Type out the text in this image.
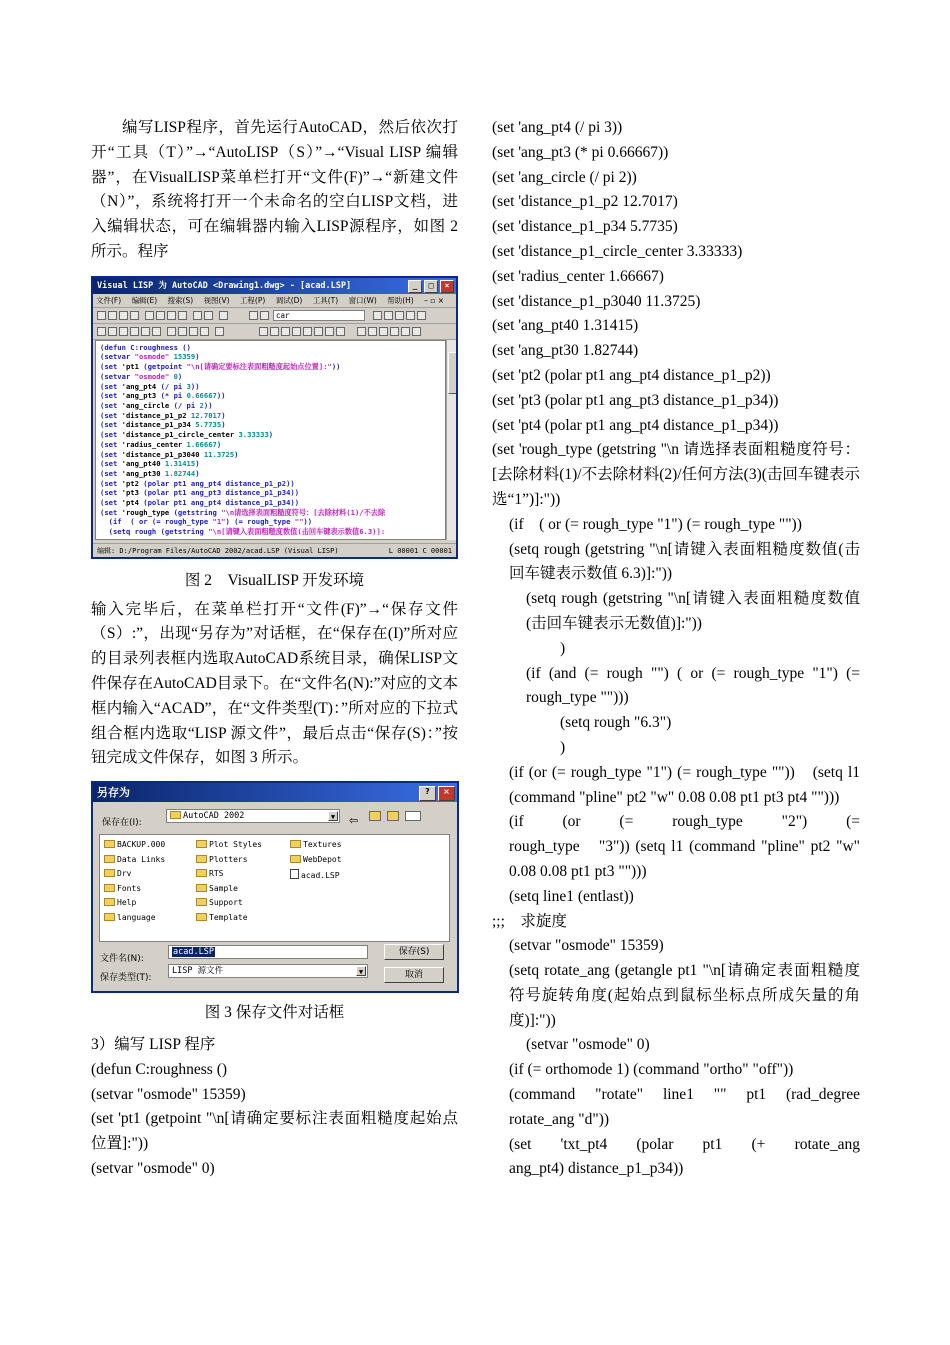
编写LISP程序，首先运行AutoCAD，然后依次打开“工具（T）”→“AutoLISP（S）”→“Visual LISP 编辑器”，在VisualLISP菜单栏打开“文件(F)”→“新建文件（N）”，系统将打开一个未命名的空白LISP文档，进入编辑状态，可在编辑器内输入LISP源程序，如图 2 所示。程序

Visual LISP 为 AutoCAD <Drawing1.dwg> - [acad.LSP]	_	□	×
文件(F) 编辑(E) 搜索(S) 视图(V) 工程(P) 调试(D) 工具(T) 窗口(W) 帮助(H) – ▫ ×
car
(defun C:roughness ()
(setvar "osmode" 15359)
(set 'pt1 (getpoint "\n[请确定要标注表面粗糙度起始点位置]:"))
(setvar "osmode" 0)
(set 'ang_pt4 (/ pi 3))
(set 'ang_pt3 (* pi 0.66667))
(set 'ang_circle (/ pi 2))
(set 'distance_p1_p2 12.7017)
(set 'distance_p1_p34 5.7735)
(set 'distance_p1_circle_center 3.33333)
(set 'radius_center 1.66667)
(set 'distance_p1_p3040 11.3725)
(set 'ang_pt40 1.31415)
(set 'ang_pt30 1.82744)
(set 'pt2 (polar pt1 ang_pt4 distance_p1_p2))
(set 'pt3 (polar pt1 ang_pt3 distance_p1_p34))
(set 'pt4 (polar pt1 ang_pt4 distance_p1_p34))
(set 'rough_type (getstring "\n请选择表面粗糙度符号：[去除材料(1)/不去除
(if  ( or (= rough_type "1") (= rough_type ""))
(setq rough (getstring "\n[请键入表面粗糙度数值(击回车键表示数值6.3)]:
编辑: D:/Program Files/AutoCAD 2002/acad.LSP (Visual LISP)	L 00001 C 00001

图 2　VisualLISP 开发环境

输入完毕后，在菜单栏打开“文件(F)”→“保存文件（S）:”，出现“另存为”对话框，在“保存在(I)”所对应的目录列表框内选取AutoCAD系统目录，确保LISP文件保存在AutoCAD目录下。在“文件名(N):”对应的文本框内输入“ACAD”，在“文件类型(T)：”所对应的下拉式组合框内选取“LISP 源文件”，最后点击“保存(S)：”按钮完成文件保存，如图 3 所示。

另存为	?	×
保存在(I):
AutoCAD 2002	▼ ⇦
BACKUP.000
Data Links
Drv
Fonts
Help
language
Plot Styles
Plotters
RTS
Sample
Support
Template
Textures
WebDepot
acad.LSP
文件名(N):
acad.LSP	保存(S)
保存类型(T):
LISP 源文件	▼	取消

图 3 保存文件对话框

3）编写 LISP 程序

(defun C:roughness ()

(setvar "osmode" 15359)

(set 'pt1 (getpoint "\n[请确定要标注表面粗糙度起始点位置]:"))

(setvar "osmode" 0)

(set 'ang_pt4 (/ pi 3))

(set 'ang_pt3 (* pi 0.66667))

(set 'ang_circle (/ pi 2))

(set 'distance_p1_p2 12.7017)

(set 'distance_p1_p34 5.7735)

(set 'distance_p1_circle_center 3.33333)

(set 'radius_center 1.66667)

(set 'distance_p1_p3040 11.3725)

(set 'ang_pt40 1.31415)

(set 'ang_pt30 1.82744)

(set 'pt2 (polar pt1 ang_pt4 distance_p1_p2))

(set 'pt3 (polar pt1 ang_pt3 distance_p1_p34))

(set 'pt4 (polar pt1 ang_pt4 distance_p1_p34))

(set 'rough_type (getstring "\n 请选择表面粗糙度符号：[去除材料(1)/不去除材料(2)/任何方法(3)(击回车键表示选“1”)]:"))

(if　( or (= rough_type "1") (= rough_type ""))

(setq rough (getstring "\n[请键入表面粗糙度数值(击回车键表示数值 6.3)]:"))

(setq rough (getstring "\n[请键入表面粗糙度数值(击回车键表示无数值)]:"))

)

(if (and (= rough "") ( or (= rough_type "1") (= rough_type "")))

(setq rough "6.3")

)

(if (or (= rough_type "1") (= rough_type ""))　(setq l1 (command "pline" pt2 "w" 0.08 0.08 pt1 pt3 pt4 "")))

(if　(or　(=　rough_type　"2")　(=　rough_type　"3")) (setq l1 (command "pline" pt2 "w" 0.08 0.08 pt1 pt3 "")))

(setq line1 (entlast))

;;;　求旋度

(setvar "osmode" 15359)

(setq rotate_ang (getangle pt1 "\n[请确定表面粗糙度符号旋转角度(起始点到鼠标坐标点所成矢量的角度)]:"))

(setvar "osmode" 0)

(if (= orthomode 1) (command "ortho" "off"))

(command　"rotate"　line1　""　pt1　(rad_degree rotate_ang "d"))

(set　'txt_pt4　(polar　pt1　(+　rotate_ang　ang_pt4) distance_p1_p34))
